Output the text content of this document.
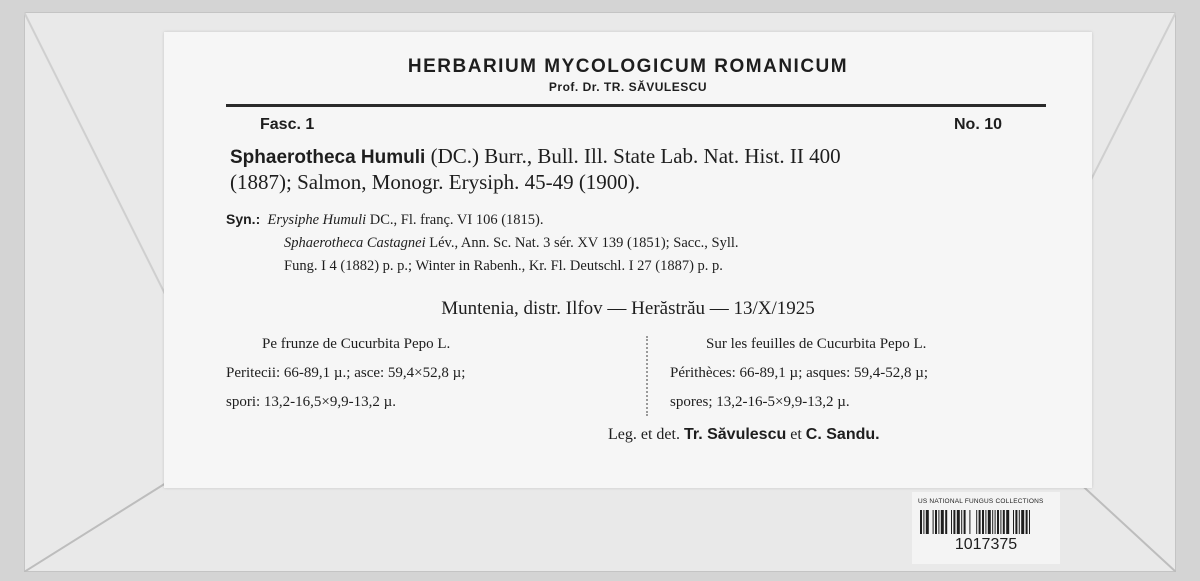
HERBARIUM MYCOLOGICUM ROMANICUM
Prof. Dr. TR. SĂVULESCU
Fasc. 1	No. 10
Sphaerotheca Humuli (DC.) Burr., Bull. Ill. State Lab. Nat. Hist. II 400
(1887); Salmon, Monogr. Erysiph. 45-49 (1900).
Syn.: Erysiphe Humuli DC., Fl. franç. VI 106 (1815).
Sphaerotheca Castagnei Lév., Ann. Sc. Nat. 3 sér. XV 139 (1851); Sacc., Syll.
Fung. I 4 (1882) p. p.; Winter in Rabenh., Kr. Fl. Deutschl. I 27 (1887) p. p.
Muntenia, distr. Ilfov — Herăstrău — 13/X/1925
Pe frunze de Cucurbita Pepo L.
Peritecii: 66-89,1 µ.; asce: 59,4×52,8 µ;
spori: 13,2-16,5×9,9-13,2 µ.
Sur les feuilles de Cucurbita Pepo L.
Périthèces: 66-89,1 µ; asques: 59,4-52,8 µ;
spores; 13,2-16-5×9,9-13,2 µ.
Leg. et det. Tr. Săvulescu et C. Sandu.
US NATIONAL FUNGUS COLLECTIONS
1017375
